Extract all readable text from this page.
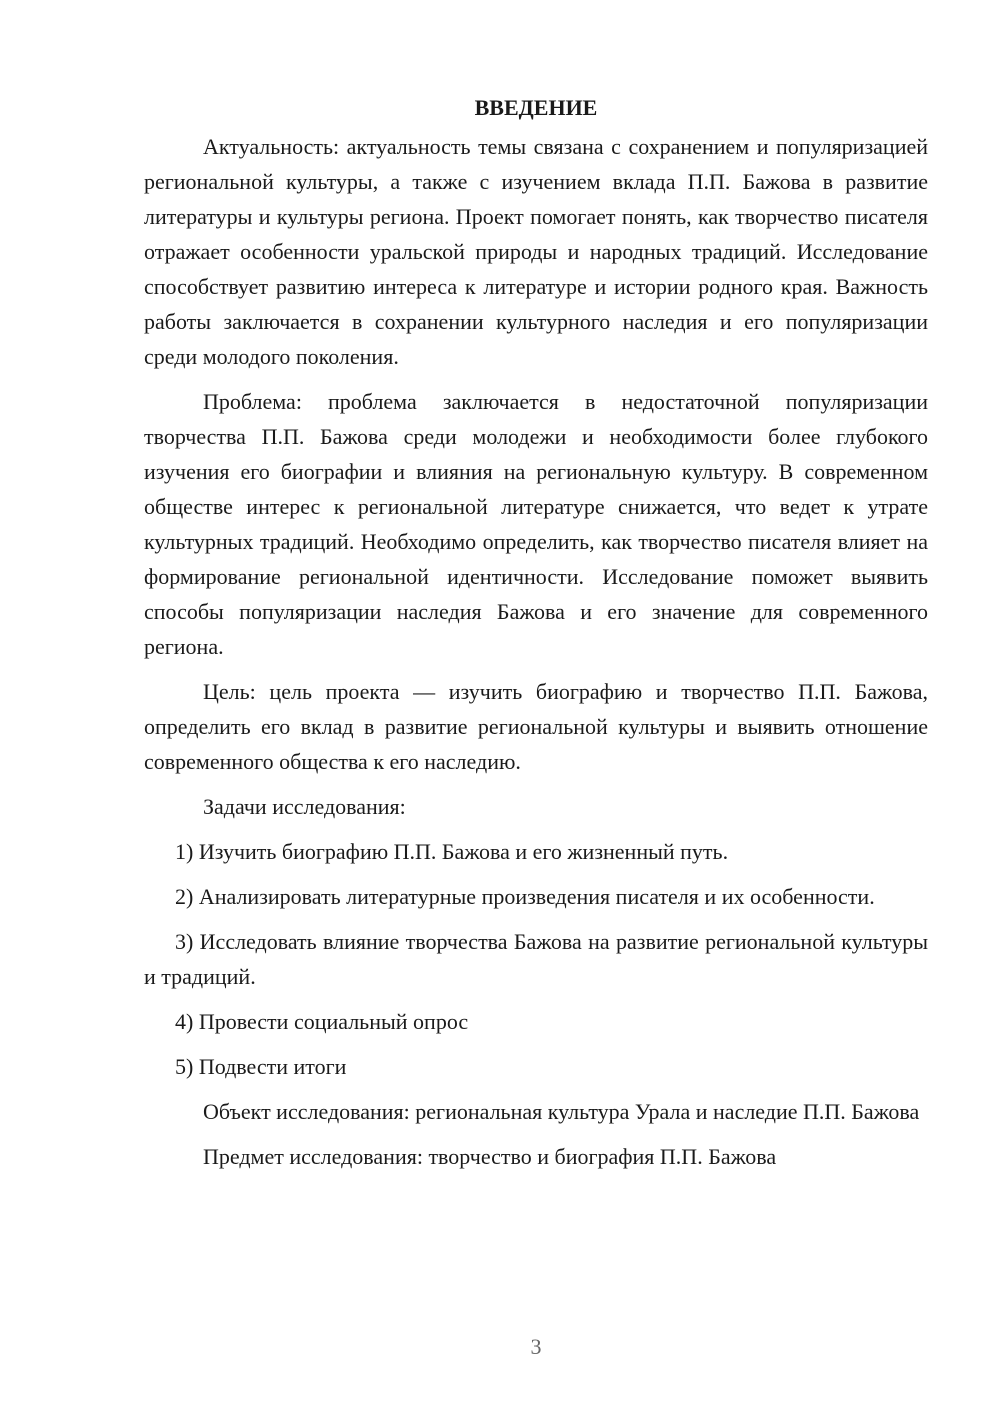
ВВЕДЕНИЕ

Актуальность: актуальность темы связана с сохранением и популяризацией региональной культуры, а также с изучением вклада П.П. Бажова в развитие литературы и культуры региона. Проект помогает понять, как творчество писателя отражает особенности уральской природы и народных традиций. Исследование способствует развитию интереса к литературе и истории родного края. Важность работы заключается в сохранении культурного наследия и его популяризации среди молодого поколения.

Проблема: проблема заключается в недостаточной популяризации творчества П.П. Бажова среди молодежи и необходимости более глубокого изучения его биографии и влияния на региональную культуру. В современном обществе интерес к региональной литературе снижается, что ведет к утрате культурных традиций. Необходимо определить, как творчество писателя влияет на формирование региональной идентичности. Исследование поможет выявить способы популяризации наследия Бажова и его значение для современного региона.

Цель: цель проекта — изучить биографию и творчество П.П. Бажова, определить его вклад в развитие региональной культуры и выявить отношение современного общества к его наследию.

Задачи исследования:

1) Изучить биографию П.П. Бажова и его жизненный путь.

2) Анализировать литературные произведения писателя и их особенности.

3) Исследовать влияние творчества Бажова на развитие региональной культуры и традиций.

4) Провести социальный опрос

5) Подвести итоги

Объект исследования: региональная культура Урала и наследие П.П. Бажова

Предмет исследования: творчество и биография П.П. Бажова

3
